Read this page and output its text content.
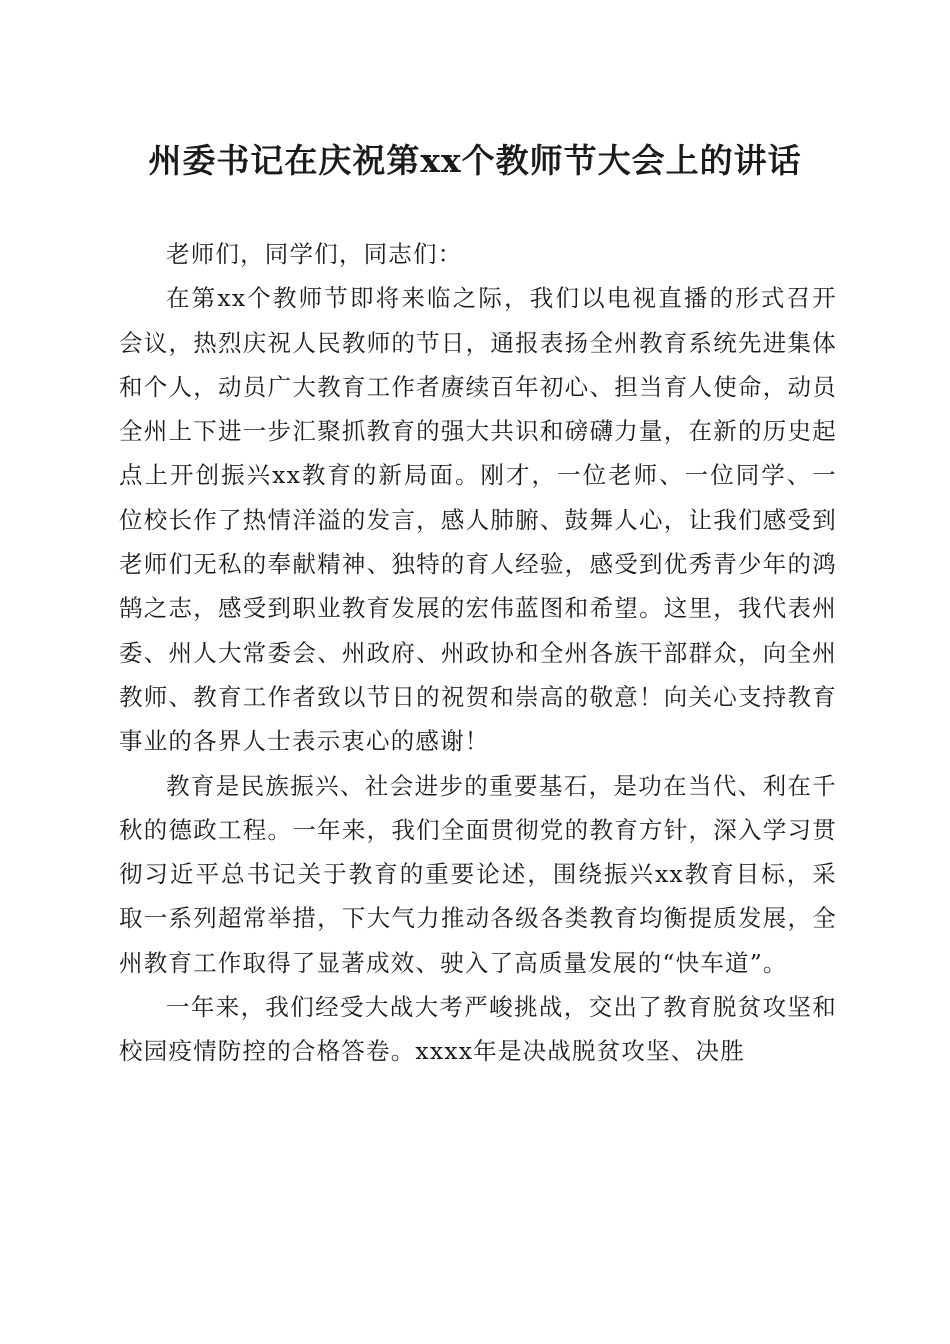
州委书记在庆祝第xx个教师节大会上的讲话

老师们，同学们，同志们：

在第xx个教师节即将来临之际，我们以电视直播的形式召开会议，热烈庆祝人民教师的节日，通报表扬全州教育系统先进集体和个人，动员广大教育工作者赓续百年初心、担当育人使命，动员全州上下进一步汇聚抓教育的强大共识和磅礴力量，在新的历史起点上开创振兴xx教育的新局面。刚才，一位老师、一位同学、一位校长作了热情洋溢的发言，感人肺腑、鼓舞人心，让我们感受到老师们无私的奉献精神、独特的育人经验，感受到优秀青少年的鸿鹄之志，感受到职业教育发展的宏伟蓝图和希望。这里，我代表州委、州人大常委会、州政府、州政协和全州各族干部群众，向全州教师、教育工作者致以节日的祝贺和崇高的敬意！向关心支持教育事业的各界人士表示衷心的感谢！

教育是民族振兴、社会进步的重要基石，是功在当代、利在千秋的德政工程。一年来，我们全面贯彻党的教育方针，深入学习贯彻习近平总书记关于教育的重要论述，围绕振兴xx教育目标，采取一系列超常举措，下大气力推动各级各类教育均衡提质发展，全州教育工作取得了显著成效、驶入了高质量发展的“快车道”。

一年来，我们经受大战大考严峻挑战，交出了教育脱贫攻坚和校园疫情防控的合格答卷。xxxx年是决战脱贫攻坚、决胜
